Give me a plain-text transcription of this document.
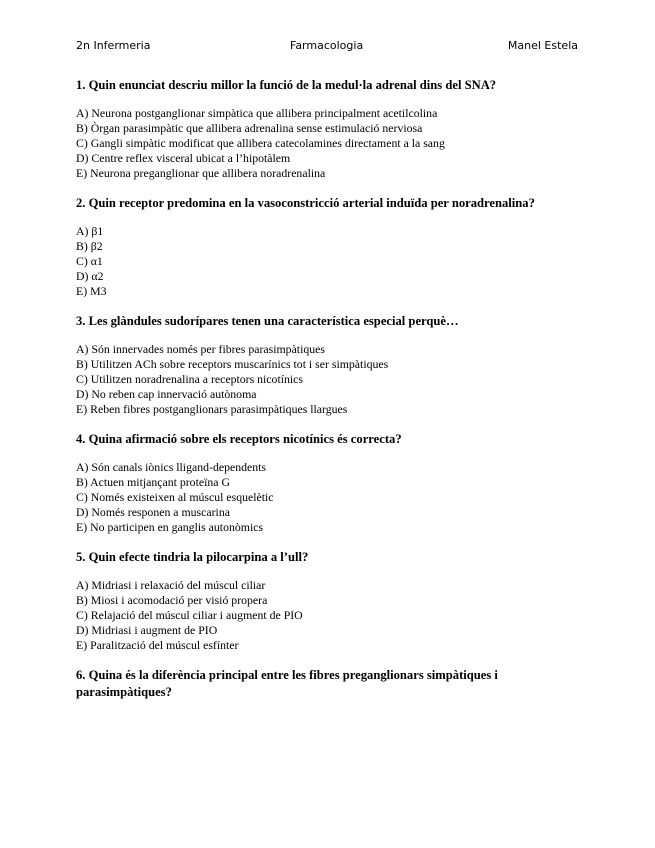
2n Infermeria	Farmacologia	Manel Estela

1. Quin enunciat descriu millor la funció de la medul·la adrenal dins del SNA?

A) Neurona postganglionar simpàtica que allibera principalment acetilcolina
B) Òrgan parasimpàtic que allibera adrenalina sense estimulació nerviosa
C) Gangli simpàtic modificat que allibera catecolamines directament a la sang
D) Centre reflex visceral ubicat a l’hipotàlem
E) Neurona preganglionar que allibera noradrenalina

2. Quin receptor predomina en la vasoconstricció arterial induïda per noradrenalina?

A) β1
B) β2
C) α1
D) α2
E) M3

3. Les glàndules sudorípares tenen una característica especial perquè…

A) Són innervades només per fibres parasimpàtiques
B) Utilitzen ACh sobre receptors muscarínics tot i ser simpàtiques
C) Utilitzen noradrenalina a receptors nicotínics
D) No reben cap innervació autònoma
E) Reben fibres postganglionars parasimpàtiques llargues

4. Quina afirmació sobre els receptors nicotínics és correcta?

A) Són canals iònics lligand-dependents
B) Actuen mitjançant proteïna G
C) Només existeixen al múscul esquelètic
D) Només responen a muscarina
E) No participen en ganglis autonòmics

5. Quin efecte tindria la pilocarpina a l’ull?

A) Midriasi i relaxació del múscul ciliar
B) Miosi i acomodació per visió propera
C) Relajació del múscul ciliar i augment de PIO
D) Midriasi i augment de PIO
E) Paralització del múscul esfínter

6. Quina és la diferència principal entre les fibres preganglionars simpàtiques i parasimpàtiques?
